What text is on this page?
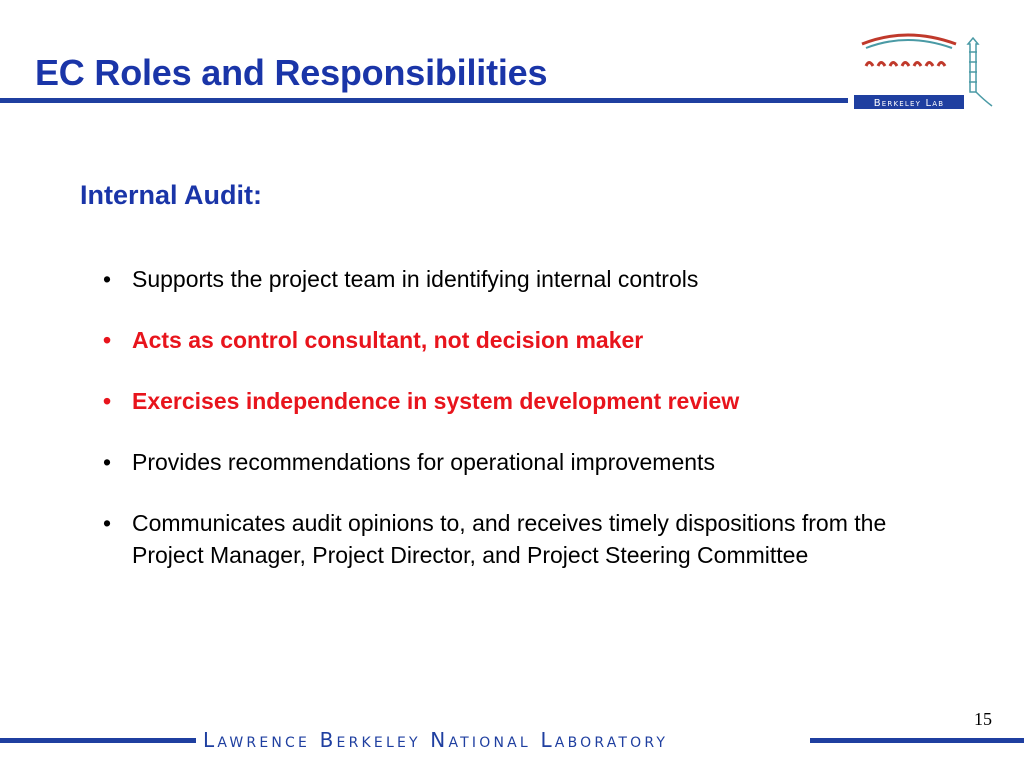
EC Roles and Responsibilities
Berkeley Lab
Internal Audit:
• Supports the project team in identifying internal controls
• Acts as control consultant, not decision maker
• Exercises independence in system development review
• Provides recommendations for operational improvements
• Communicates audit opinions to, and receives timely dispositions from the Project Manager, Project Director, and Project Steering Committee
15
Lawrence Berkeley National Laboratory
